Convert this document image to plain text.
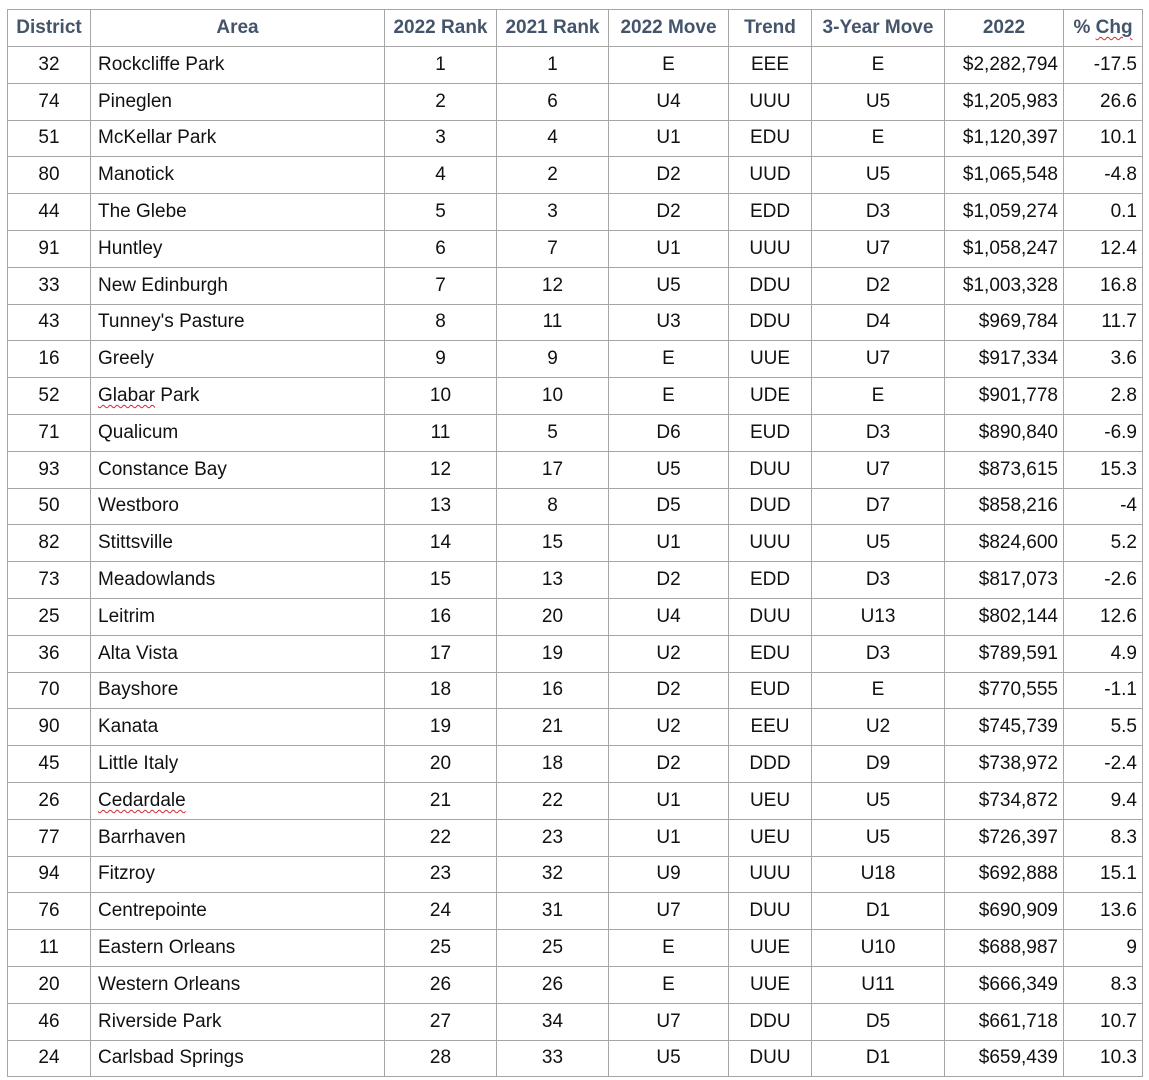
District	Area	2022 Rank	2021 Rank	2022 Move	Trend	3-Year Move	2022	% Chg
32	Rockcliffe Park	1	1	E	EEE	E	$2,282,794	-17.5
74	Pineglen	2	6	U4	UUU	U5	$1,205,983	26.6
51	McKellar Park	3	4	U1	EDU	E	$1,120,397	10.1
80	Manotick	4	2	D2	UUD	U5	$1,065,548	-4.8
44	The Glebe	5	3	D2	EDD	D3	$1,059,274	0.1
91	Huntley	6	7	U1	UUU	U7	$1,058,247	12.4
33	New Edinburgh	7	12	U5	DDU	D2	$1,003,328	16.8
43	Tunney's Pasture	8	11	U3	DDU	D4	$969,784	11.7
16	Greely	9	9	E	UUE	U7	$917,334	3.6
52	Glabar Park	10	10	E	UDE	E	$901,778	2.8
71	Qualicum	11	5	D6	EUD	D3	$890,840	-6.9
93	Constance Bay	12	17	U5	DUU	U7	$873,615	15.3
50	Westboro	13	8	D5	DUD	D7	$858,216	-4
82	Stittsville	14	15	U1	UUU	U5	$824,600	5.2
73	Meadowlands	15	13	D2	EDD	D3	$817,073	-2.6
25	Leitrim	16	20	U4	DUU	U13	$802,144	12.6
36	Alta Vista	17	19	U2	EDU	D3	$789,591	4.9
70	Bayshore	18	16	D2	EUD	E	$770,555	-1.1
90	Kanata	19	21	U2	EEU	U2	$745,739	5.5
45	Little Italy	20	18	D2	DDD	D9	$738,972	-2.4
26	Cedardale	21	22	U1	UEU	U5	$734,872	9.4
77	Barrhaven	22	23	U1	UEU	U5	$726,397	8.3
94	Fitzroy	23	32	U9	UUU	U18	$692,888	15.1
76	Centrepointe	24	31	U7	DUU	D1	$690,909	13.6
11	Eastern Orleans	25	25	E	UUE	U10	$688,987	9
20	Western Orleans	26	26	E	UUE	U11	$666,349	8.3
46	Riverside Park	27	34	U7	DDU	D5	$661,718	10.7
24	Carlsbad Springs	28	33	U5	DUU	D1	$659,439	10.3
